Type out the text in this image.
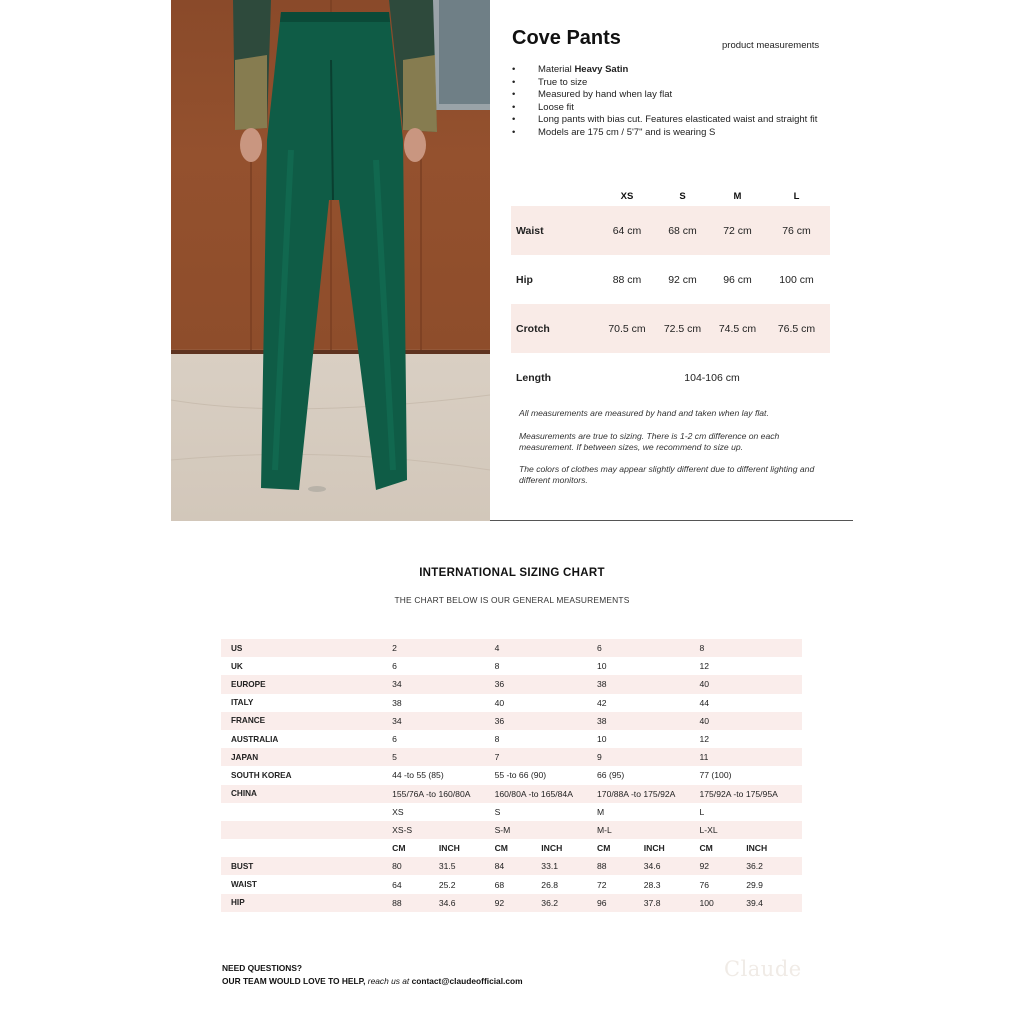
Cove Pants	product measurements
• Material Heavy Satin
• True to size
• Measured by hand when lay flat
• Loose fit
• Long pants with bias cut. Features elasticated waist and straight fit
• Models are 175 cm / 5'7" and is wearing S
XS	S	M	L
Waist	64 cm	68 cm	72 cm	76 cm
Hip	88 cm	92 cm	96 cm	100 cm
Crotch	70.5 cm	72.5 cm	74.5 cm	76.5 cm
Length	104-106 cm

All measurements are measured by hand and taken when lay flat.

Measurements are true to sizing. There is 1-2 cm difference on each measurement. If between sizes, we recommend to size up.

The colors of clothes may appear slightly different due to different lighting and different monitors.

INTERNATIONAL SIZING CHART
THE CHART BELOW IS OUR GENERAL MEASUREMENTS
US	2		4		6		8	
UK	6		8		10		12	
EUROPE	34		36		38		40	
ITALY	38		40		42		44	
FRANCE	34		36		38		40	
AUSTRALIA	6		8		10		12	
JAPAN	5		7		9		11	
SOUTH KOREA	44 -to 55 (85)		55 -to 66 (90)		66 (95)		77 (100)	
CHINA	155/76A -to 160/80A		160/80A -to 165/84A		170/88A -to 175/92A		175/92A -to 175/95A	
	XS		S		M		L	
	XS-S		S-M		M-L		L-XL	
	CM	INCH	CM	INCH	CM	INCH	CM	INCH
BUST	80	31.5	84	33.1	88	34.6	92	36.2
WAIST	64	25.2	68	26.8	72	28.3	76	29.9
HIP	88	34.6	92	36.2	96	37.8	100	39.4
NEED QUESTIONS?
OUR TEAM WOULD LOVE TO HELP, reach us at contact@claudeofficial.com	Claude
